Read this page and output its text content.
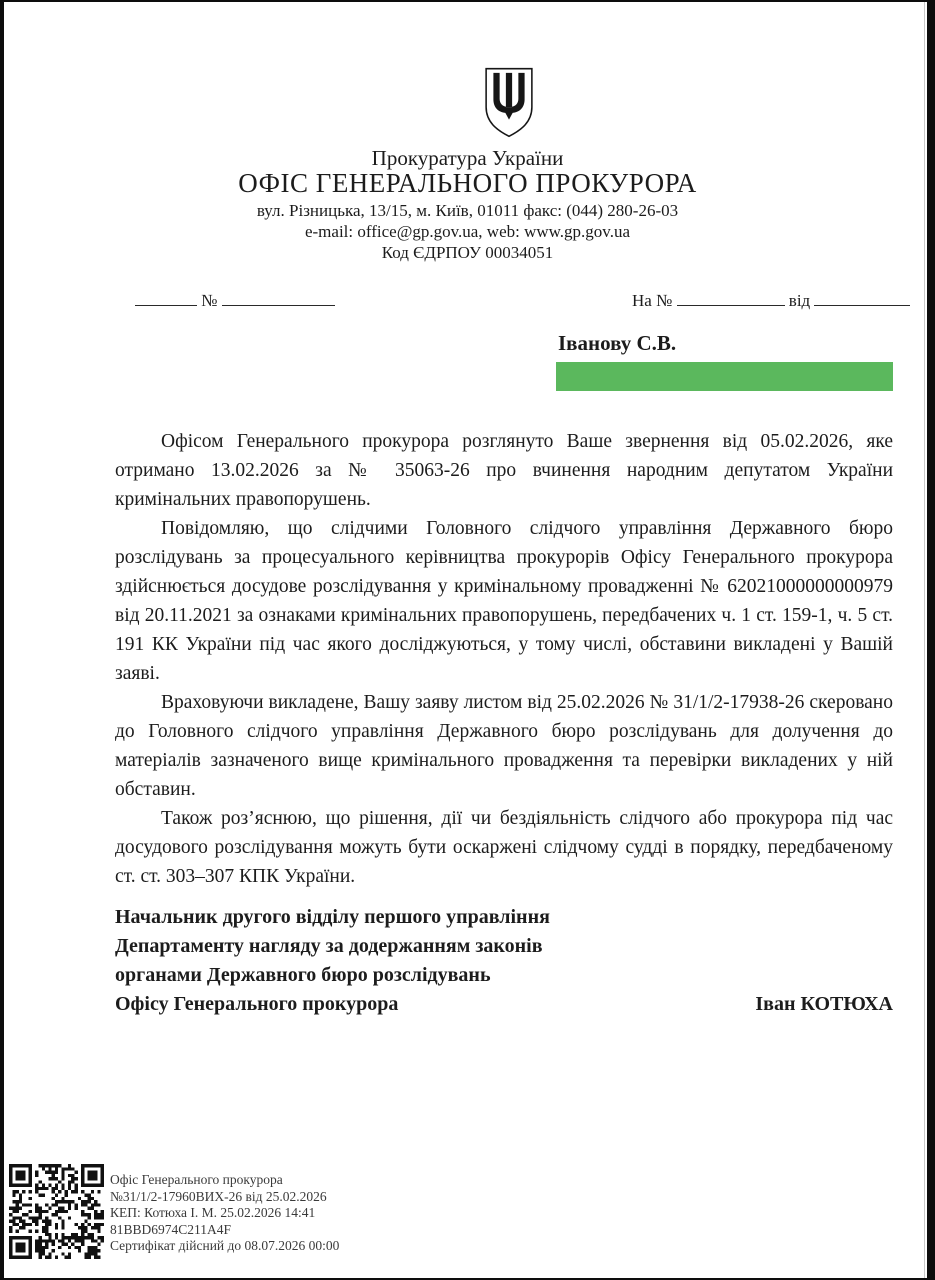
Прокуратура України
ОФІС ГЕНЕРАЛЬНОГО ПРОКУРОРА
вул. Різницька, 13/15, м. Київ, 01011 факс: (044) 280-26-03
e-mail: office@gp.gov.ua, web: www.gp.gov.ua
Код ЄДРПОУ 00034051
№	На №	від
Іванову С.В.

Офісом Генерального прокурора розглянуто Ваше звернення від 05.02.2026, яке отримано 13.02.2026 за № 35063-26 про вчинення народним депутатом України кримінальних правопорушень.

Повідомляю, що слідчими Головного слідчого управління Державного бюро розслідувань за процесуального керівництва прокурорів Офісу Генерального прокурора здійснюється досудове розслідування у кримінальному провадженні № 62021000000000979 від 20.11.2021 за ознаками кримінальних правопорушень, передбачених ч. 1 ст. 159-1, ч. 5 ст. 191 КК України під час якого досліджуються, у тому числі, обставини викладені у Вашій заяві.

Враховуючи викладене, Вашу заяву листом від 25.02.2026 № 31/1/2-17938-26 скеровано до Головного слідчого управління Державного бюро розслідувань для долучення до матеріалів зазначеного вище кримінального провадження та перевірки викладених у ній обставин.

Також роз’яснюю, що рішення, дії чи бездіяльність слідчого або прокурора під час досудового розслідування можуть бути оскаржені слідчому судді в порядку, передбаченому ст. ст. 303–307 КПК України.

Начальник другого відділу першого управління
Департаменту нагляду за додержанням законів
органами Державного бюро розслідувань
Офісу Генерального прокурора	Іван КОТЮХА
Офіс Генерального прокурора
№31/1/2-17960ВИХ-26 від 25.02.2026
КЕП: Котюха І. М. 25.02.2026 14:41
81BBD6974C211A4F
Сертифікат дійсний до 08.07.2026 00:00
